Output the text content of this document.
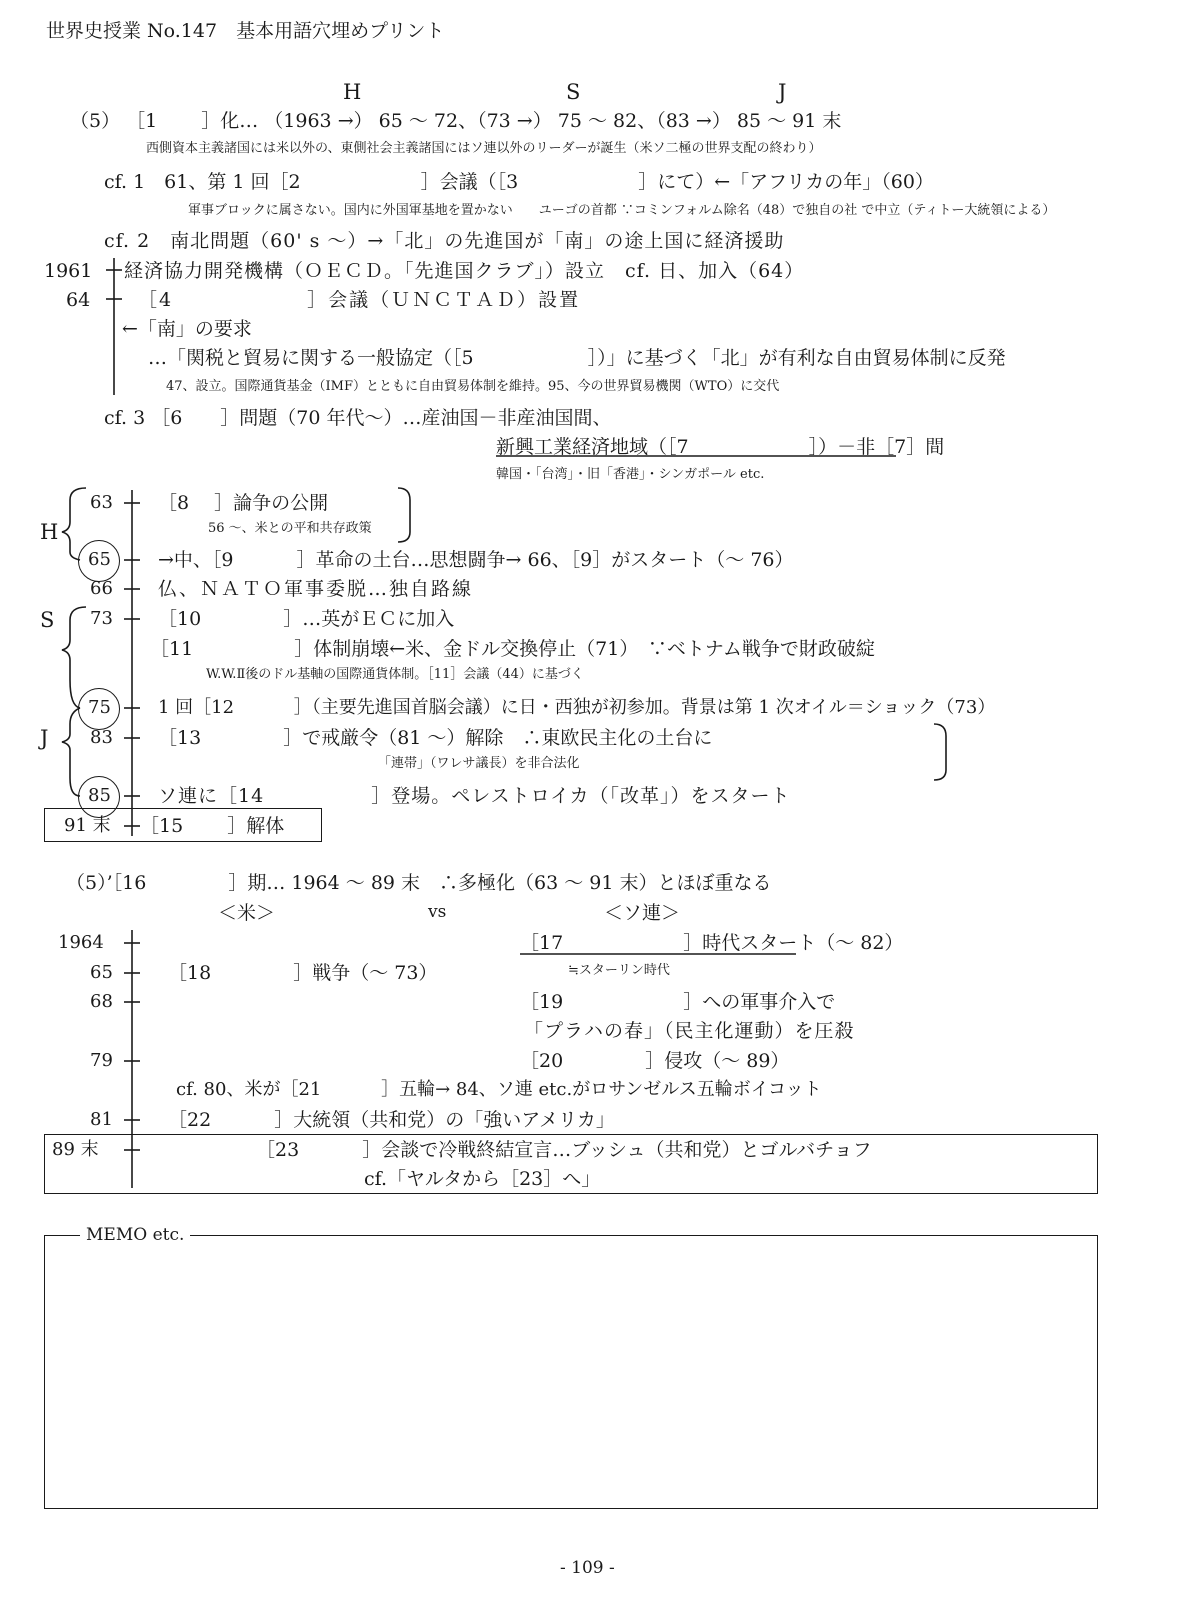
世界史授業 No.147　基本用語穴埋めプリント
H	S	J
（5） ［1　　 ］化… （1963 →） 65 ～ 72、（73 →） 75 ～ 82、（83 →） 85 ～ 91 末
西側資本主義諸国には米以外の、東側社会主義諸国にはソ連以外のリーダーが誕生（米ソ二極の世界支配の終わり）
cf. 1　61、第 1 回［2　　　　　　 ］会議（［3　　　　　　 ］にて）←「アフリカの年」（60）
軍事ブロックに属さない。国内に外国軍基地を置かない　　ユーゴの首都 ∵コミンフォルム除名（48）で独自の社 で中立（ティトー大統領による）
cf. 2　南北問題（60' s ～）→「北」の先進国が「南」の途上国に経済援助
1961 経済協力開発機構（ＯＥＣＤ。「先進国クラブ」）設立　cf. 日、加入（64）
64	［4　　　　　　 ］会議（ＵＮＣＴＡＤ）設置
←「南」の要求
…「関税と貿易に関する一般協定（［5　　　　　　］）」に基づく「北」が有利な自由貿易体制に反発
47、設立。国際通貨基金（IMF）とともに自由貿易体制を維持。95、今の世界貿易機関（WTO）に交代
cf. 3 ［6　　］問題（70 年代～）…産油国－非産油国間、
新興工業経済地域（［7　　　　　　 ］）－非［7］間
韓国・「台湾」・旧「香港」・シンガポール etc.
H
S
J
63 ［8　 ］論争の公開
56 ～、米との平和共存政策
65 →中、［9　　　 ］革命の土台…思想闘争→ 66、［9］がスタート（～ 76）
66 仏、ＮＡＴＯ軍事委脱…独自路線
73 ［10　　　　 ］…英がＥＣに加入
［11　　　　　 ］体制崩壊←米、金ドル交換停止（71）　∵ベトナム戦争で財政破綻
W.W.Ⅱ後のドル基軸の国際通貨体制。［11］会議（44）に基づく
75	1 回［12　　　 ］（主要先進国首脳会議）に日・西独が初参加。背景は第 1 次オイル＝ショック（73）
83 ［13　　　　 ］で戒厳令（81 ～）解除　∴東欧民主化の土台に
「連帯」（ワレサ議長）を非合法化
85 ソ連に［14　　　　　 ］登場。ペレストロイカ（「改革」）をスタート
91 末 ［15　　 ］解体
（5）’［16　　　　 ］期… 1964 ～ 89 末　∴多極化（63 ～ 91 末）とほぼ重なる
＜米＞	vs	＜ソ連＞
1964	［17　　　　　　 ］時代スタート（～ 82）
≒スターリン時代
65	［18　　　　 ］戦争（～ 73）
68	［19　　　　　　 ］への軍事介入で
「プラハの春」（民主化運動）を圧殺
79	［20　　　　 ］侵攻（～ 89）
cf. 80、米が［21　　　 ］五輪→ 84、ソ連 etc.がロサンゼルス五輪ボイコット
81	［22　　　 ］大統領（共和党）の「強いアメリカ」
89 末	［23　　　 ］会談で冷戦終結宣言…ブッシュ（共和党）とゴルバチョフ
cf.「ヤルタから［23］へ」
MEMO etc.
- 109 -
